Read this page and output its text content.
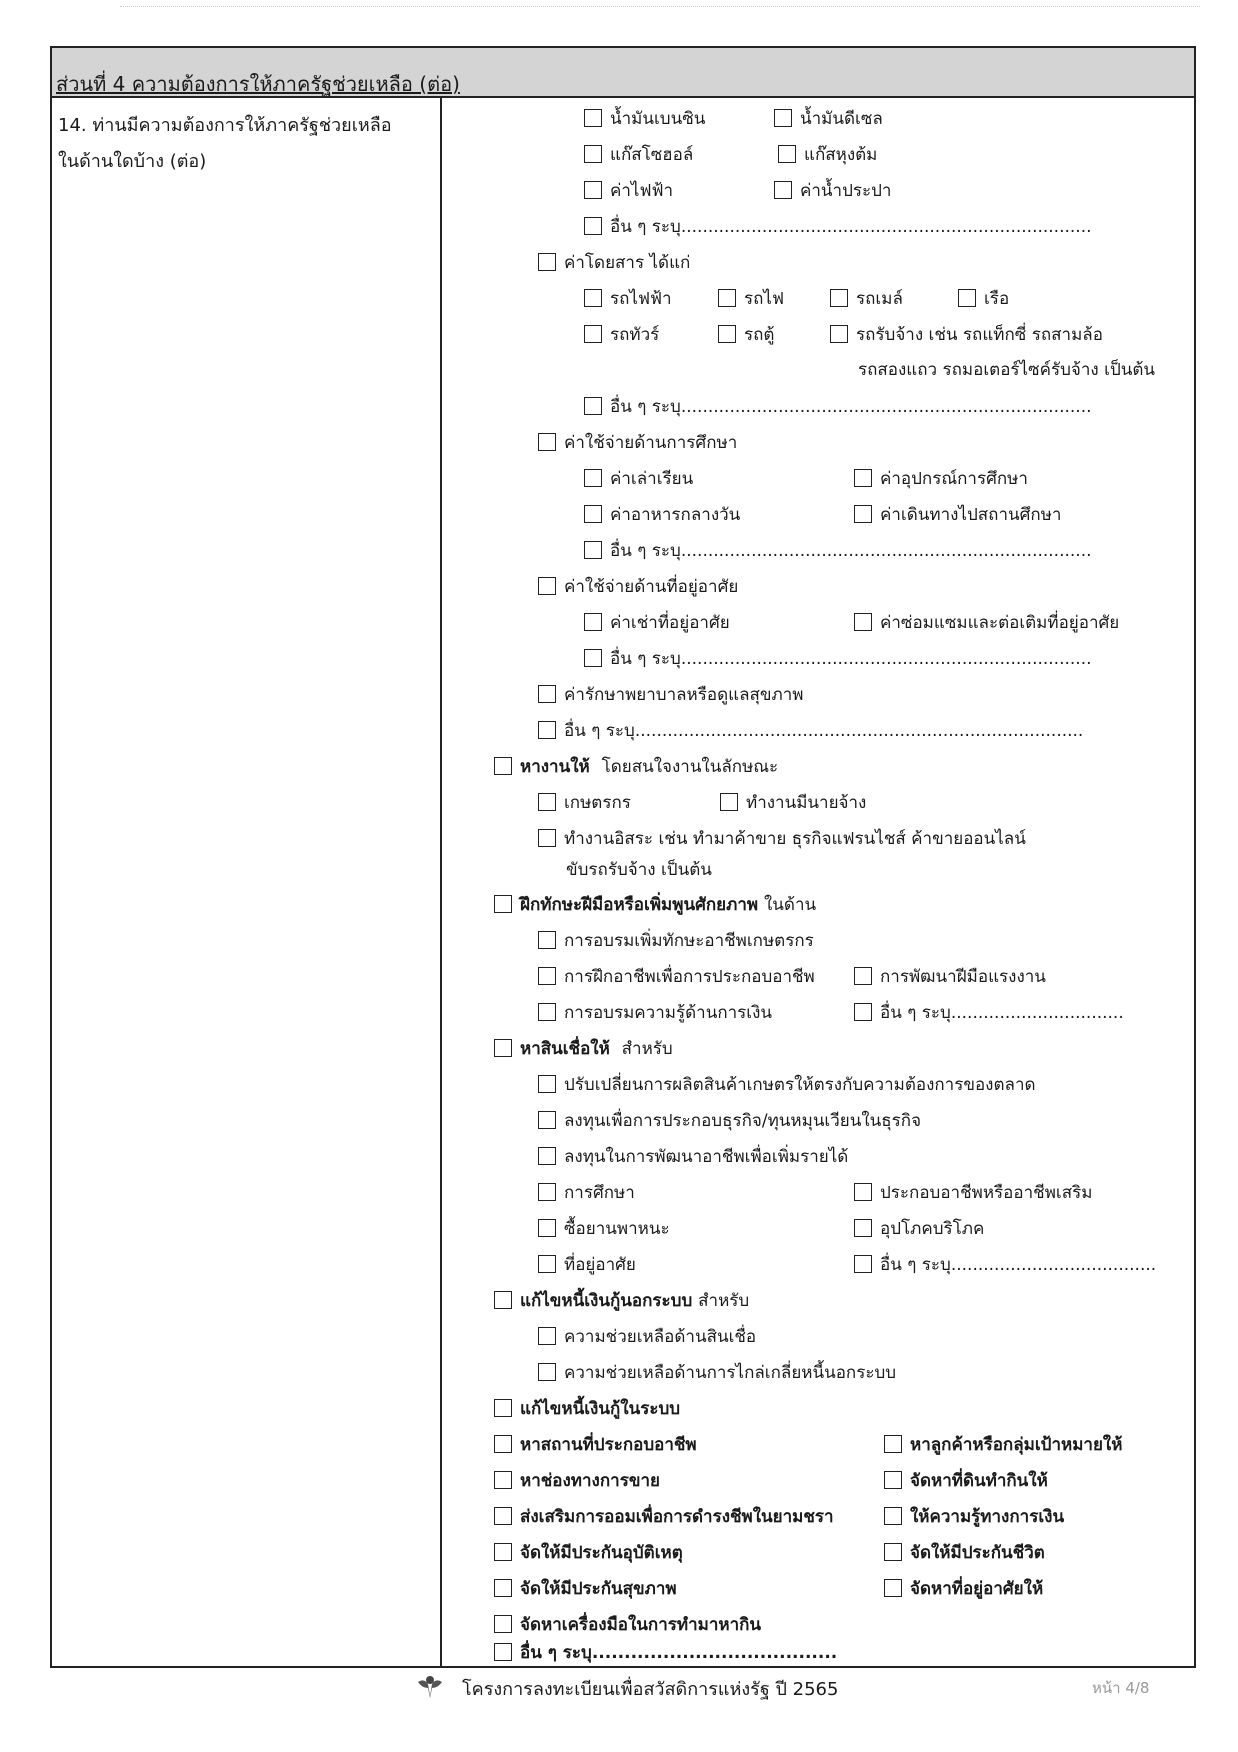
ส่วนที่ 4 ความต้องการให้ภาครัฐช่วยเหลือ (ต่อ)
14. ท่านมีความต้องการให้ภาครัฐช่วยเหลือ
ในด้านใดบ้าง (ต่อ)
น้ำมันเบนซิน	น้ำมันดีเซล
แก๊สโซฮอล์	แก๊สหุงต้ม
ค่าไฟฟ้า	ค่าน้ำประปา
อื่น ๆ ระบุ............................................................................
ค่าโดยสาร ได้แก่
รถไฟฟ้า	รถไฟ	รถเมล์	เรือ
รถทัวร์	รถตู้	รถรับจ้าง เช่น รถแท็กซี่ รถสามล้อ
รถสองแถว รถมอเตอร์ไซค์รับจ้าง เป็นต้น
อื่น ๆ ระบุ............................................................................
ค่าใช้จ่ายด้านการศึกษา
ค่าเล่าเรียน	ค่าอุปกรณ์การศึกษา
ค่าอาหารกลางวัน	ค่าเดินทางไปสถานศึกษา
อื่น ๆ ระบุ............................................................................
ค่าใช้จ่ายด้านที่อยู่อาศัย
ค่าเช่าที่อยู่อาศัย	ค่าซ่อมแซมและต่อเติมที่อยู่อาศัย
อื่น ๆ ระบุ............................................................................
ค่ารักษาพยาบาลหรือดูแลสุขภาพ
อื่น ๆ ระบุ...................................................................................
หางานให้
โดยสนใจงานในลักษณะ
เกษตรกร	ทำงานมีนายจ้าง
ทำงานอิสระ เช่น ทำมาค้าขาย ธุรกิจแฟรนไชส์ ค้าขายออนไลน์
ขับรถรับจ้าง เป็นต้น
ฝึกทักษะฝีมือหรือเพิ่มพูนศักยภาพ
ในด้าน
การอบรมเพิ่มทักษะอาชีพเกษตรกร
การฝึกอาชีพเพื่อการประกอบอาชีพ	การพัฒนาฝีมือแรงงาน
การอบรมความรู้ด้านการเงิน	อื่น ๆ ระบุ................................
หาสินเชื่อให้
สำหรับ
ปรับเปลี่ยนการผลิตสินค้าเกษตรให้ตรงกับความต้องการของตลาด
ลงทุนเพื่อการประกอบธุรกิจ/ทุนหมุนเวียนในธุรกิจ
ลงทุนในการพัฒนาอาชีพเพื่อเพิ่มรายได้
การศึกษา	ประกอบอาชีพหรืออาชีพเสริม
ซื้อยานพาหนะ	อุปโภคบริโภค
ที่อยู่อาศัย	อื่น ๆ ระบุ......................................
แก้ไขหนี้เงินกู้นอกระบบ
สำหรับ
ความช่วยเหลือด้านสินเชื่อ
ความช่วยเหลือด้านการไกล่เกลี่ยหนี้นอกระบบ
แก้ไขหนี้เงินกู้ในระบบ
หาสถานที่ประกอบอาชีพ	หาลูกค้าหรือกลุ่มเป้าหมายให้
หาช่องทางการขาย	จัดหาที่ดินทำกินให้
ส่งเสริมการออมเพื่อการดำรงชีพในยามชรา	ให้ความรู้ทางการเงิน
จัดให้มีประกันอุบัติเหตุ	จัดให้มีประกันชีวิต
จัดให้มีประกันสุขภาพ	จัดหาที่อยู่อาศัยให้
จัดหาเครื่องมือในการทำมาหากิน
อื่น ๆ ระบุ......................................
โครงการลงทะเบียนเพื่อสวัสดิการแห่งรัฐ ปี 2565	หน้า 4/8
